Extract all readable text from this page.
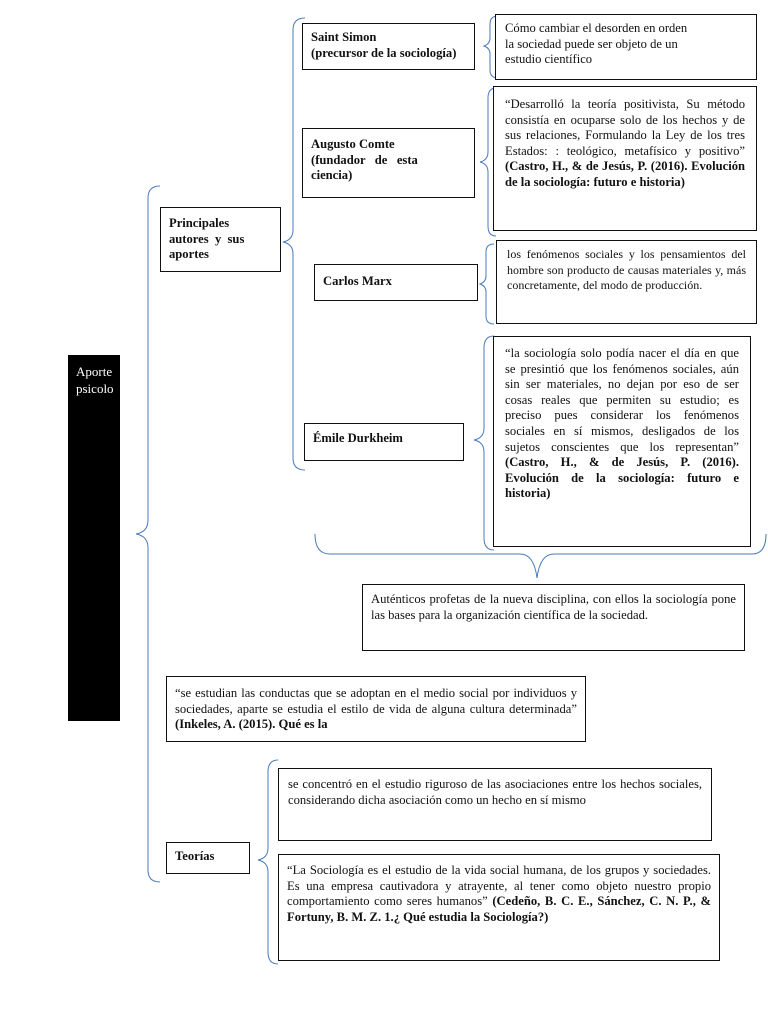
Aporte
psicolo

Principales

autores  y  sus

aportes

Saint Simon

(precursor de la sociología)

Augusto Comte

(fundador   de   esta

ciencia)

Carlos Marx

Émile Durkheim

Cómo cambiar el desorden en orden

la sociedad puede ser objeto de un

estudio científico

“Desarrolló la teoría positivista, Su método consistía en ocuparse solo de los hechos y de sus relaciones, Formulando la Ley de los tres Estados: : teológico, metafísico y positivo” (Castro, H., & de Jesús, P. (2016). Evolución de la sociología: futuro e historia)

los fenómenos sociales y los pensamientos del hombre son producto de causas materiales y, más concretamente, del modo de producción.

“la sociología solo podía nacer el día en que se presintió que los fenómenos sociales, aún sin ser materiales, no dejan por eso de ser cosas reales que permiten su estudio; es preciso pues considerar los fenómenos sociales en sí mismos, desligados de los sujetos conscientes que los representan” (Castro, H., & de Jesús, P. (2016). Evolución de la sociología: futuro e historia)

Auténticos profetas de la nueva disciplina, con ellos la sociología pone las bases para la organización científica de la sociedad.

“se estudian las conductas que se adoptan en el medio social por individuos y sociedades, aparte se estudia el estilo de vida de alguna cultura determinada” (Inkeles, A. (2015). Qué es la

Teorías

se concentró en el estudio riguroso de las asociaciones entre los hechos sociales, considerando dicha asociación como un hecho en sí mismo

“La Sociología es el estudio de la vida social humana, de los grupos y sociedades. Es una empresa cautivadora y atrayente, al tener como objeto nuestro propio comportamiento como seres humanos” (Cedeño, B. C. E., Sánchez, C. N. P., & Fortuny, B. M. Z. 1.¿ Qué estudia la Sociología?)
